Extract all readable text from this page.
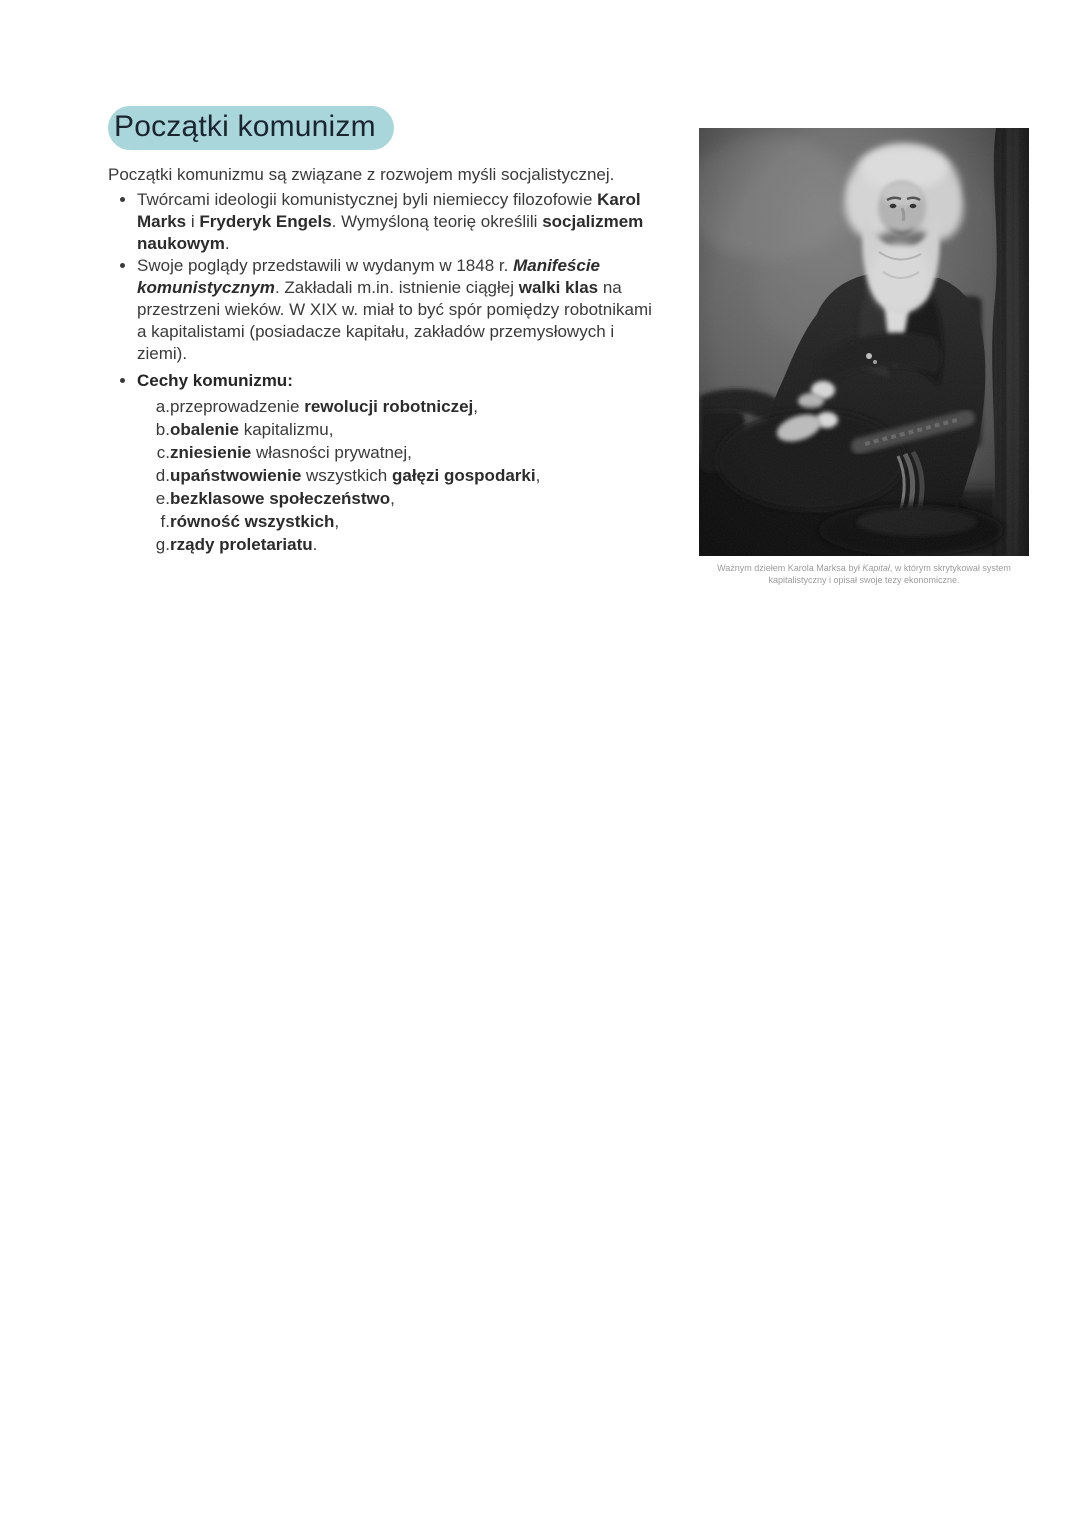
Początki komunizm

Początki komunizmu są związane z rozwojem myśli socjalistycznej.

• Twórcami ideologii komunistycznej byli niemieccy filozofowie Karol Marks i Fryderyk Engels. Wymyśloną teorię określili socjalizmem naukowym.
• Swoje poglądy przedstawili w wydanym w 1848 r. Manifeście komunistycznym. Zakładali m.in. istnienie ciągłej walki klas na przestrzeni wieków. W XIX w. miał to być spór pomiędzy robotnikami a kapitalistami (posiadacze kapitału, zakładów przemysłowych i ziemi).
• Cechy komunizmu:
przeprowadzenie rewolucji robotniczej,
obalenie kapitalizmu,
zniesienie własności prywatnej,
upaństwowienie wszystkich gałęzi gospodarki,
bezklasowe społeczeństwo,
równość wszystkich,
rządy proletariatu.
Ważnym dziełem Karola Marksa był Kapitał, w którym skrytykował system kapitalistyczny i opisał swoje tezy ekonomiczne.
